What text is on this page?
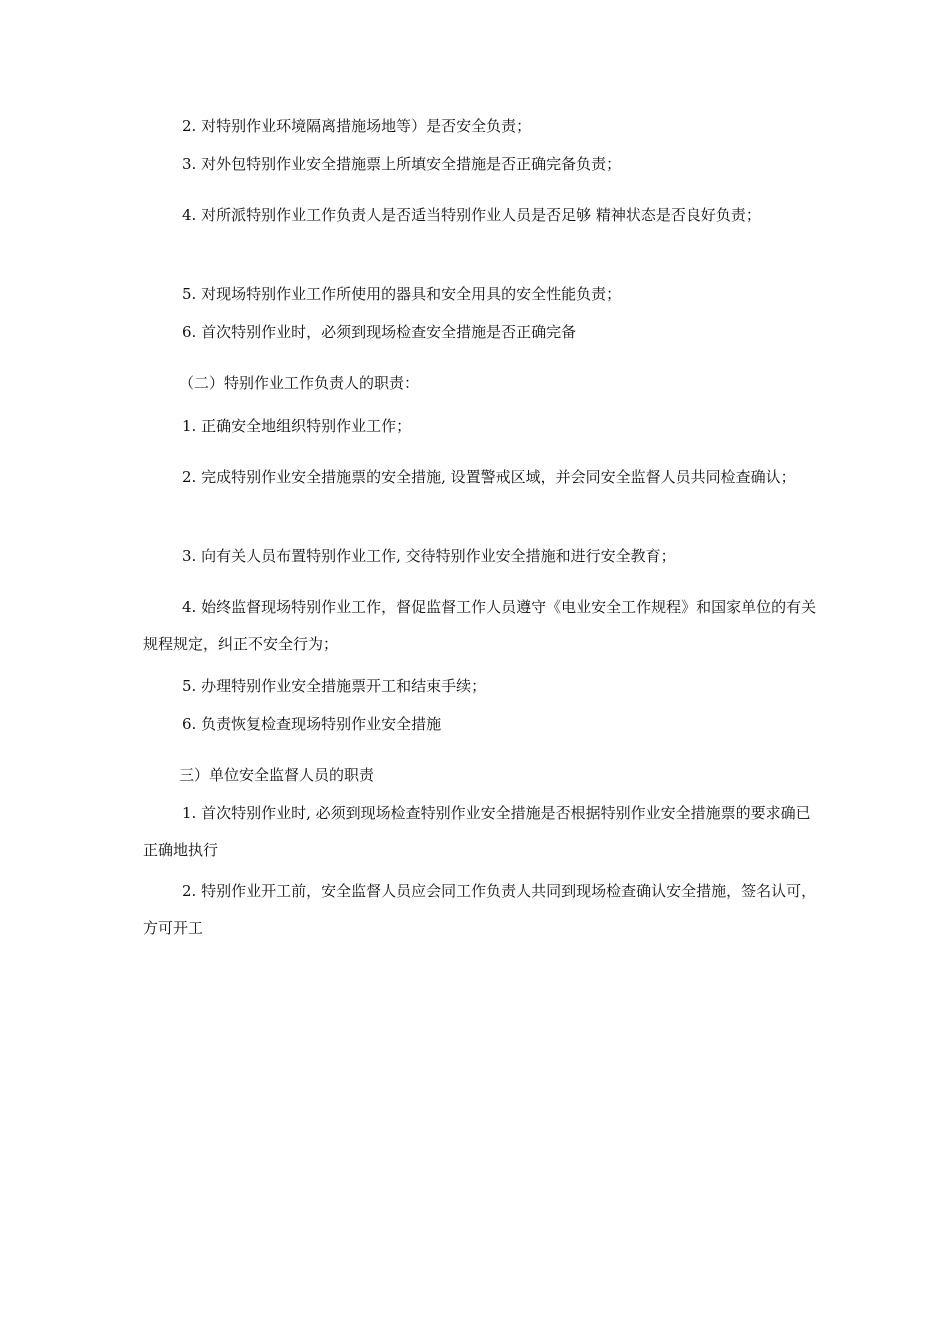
2. 对特别作业环境隔离措施场地等）是否安全负责；
3. 对外包特别作业安全措施票上所填安全措施是否正确完备负责；
4. 对所派特别作业工作负责人是否适当特别作业人员是否足够 精神状态是否良好负责；
5. 对现场特别作业工作所使用的器具和安全用具的安全性能负责；
6. 首次特别作业时，必须到现场检查安全措施是否正确完备
（二）特别作业工作负责人的职责：
1. 正确安全地组织特别作业工作；
2. 完成特别作业安全措施票的安全措施, 设置警戒区域，并会同安全监督人员共同检查确认；
3. 向有关人员布置特别作业工作, 交待特别作业安全措施和进行安全教育；
4. 始终监督现场特别作业工作，督促监督工作人员遵守《电业安全工作规程》和国家单位的有关规程规定，纠正不安全行为；
5. 办理特别作业安全措施票开工和结束手续；
6. 负责恢复检查现场特别作业安全措施
三）单位安全监督人员的职责
1. 首次特别作业时, 必须到现场检查特别作业安全措施是否根据特别作业安全措施票的要求确已正确地执行
2. 特别作业开工前，安全监督人员应会同工作负责人共同到现场检查确认安全措施，签名认可，方可开工
